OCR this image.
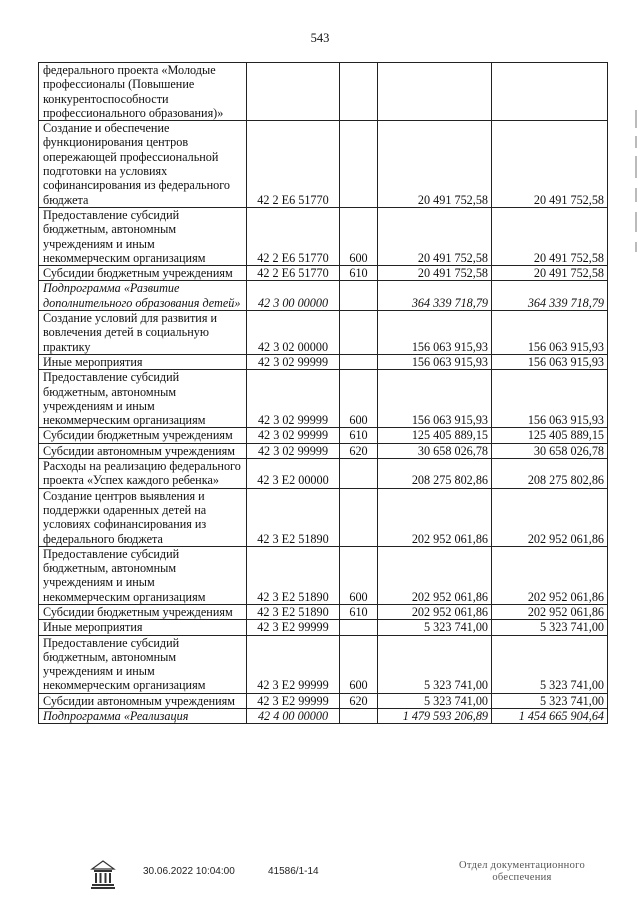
543
федерального проекта «Молодые профессионалы (Повышение конкурентоспособности профессионального образования)»				
Создание и обеспечение функционирования центров опережающей профессиональной подготовки на условиях софинансирования из федерального бюджета	42 2 E6 51770		20 491 752,58	20 491 752,58
Предоставление субсидий бюджетным, автономным учреждениям и иным некоммерческим организациям	42 2 E6 51770	600	20 491 752,58	20 491 752,58
Субсидии бюджетным учреждениям	42 2 E6 51770	610	20 491 752,58	20 491 752,58
Подпрограмма «Развитие дополнительного образования детей»	42 3 00 00000		364 339 718,79	364 339 718,79
Создание условий для развития и вовлечения детей в социальную практику	42 3 02 00000		156 063 915,93	156 063 915,93
Иные мероприятия	42 3 02 99999		156 063 915,93	156 063 915,93
Предоставление субсидий бюджетным, автономным учреждениям и иным некоммерческим организациям	42 3 02 99999	600	156 063 915,93	156 063 915,93
Субсидии бюджетным учреждениям	42 3 02 99999	610	125 405 889,15	125 405 889,15
Субсидии автономным учреждениям	42 3 02 99999	620	30 658 026,78	30 658 026,78
Расходы на реализацию федерального проекта «Успех каждого ребенка»	42 3 E2 00000		208 275 802,86	208 275 802,86
Создание центров выявления и поддержки одаренных детей на условиях софинансирования из федерального бюджета	42 3 E2 51890		202 952 061,86	202 952 061,86
Предоставление субсидий бюджетным, автономным учреждениям и иным некоммерческим организациям	42 3 E2 51890	600	202 952 061,86	202 952 061,86
Субсидии бюджетным учреждениям	42 3 E2 51890	610	202 952 061,86	202 952 061,86
Иные мероприятия	42 3 E2 99999		5 323 741,00	5 323 741,00
Предоставление субсидий бюджетным, автономным учреждениям и иным некоммерческим организациям	42 3 E2 99999	600	5 323 741,00	5 323 741,00
Субсидии автономным учреждениям	42 3 E2 99999	620	5 323 741,00	5 323 741,00
Подпрограмма «Реализация	42 4 00 00000		1 479 593 206,89	1 454 665 904,64
30.06.2022 10:04:00	41586/1-14
Отдел документационного обеспечения
